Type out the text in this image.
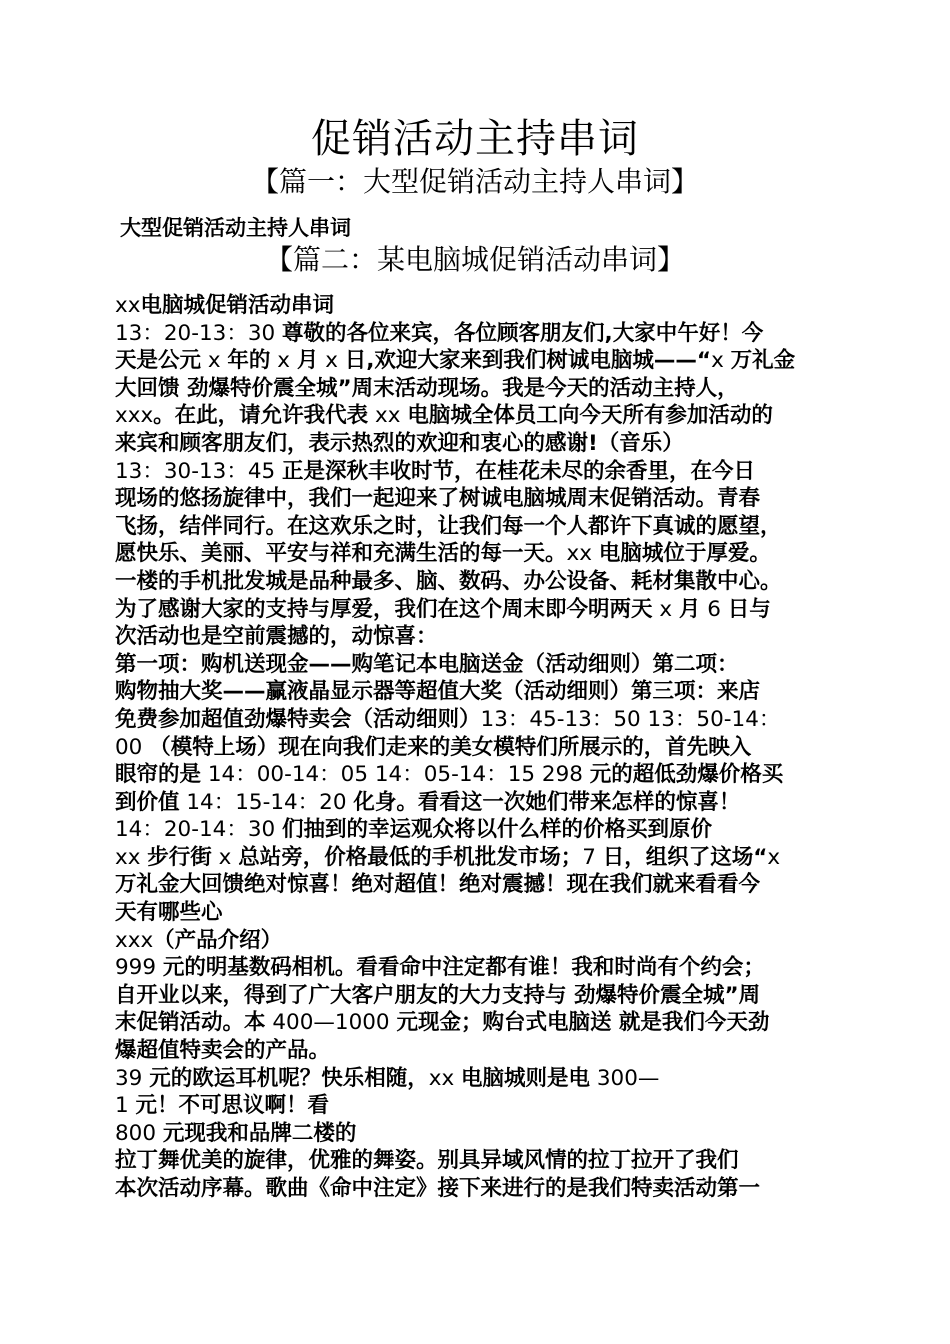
促销活动主持串词
【篇一：大型促销活动主持人串词】
大型促销活动主持人串词
【篇二：某电脑城促销活动串词】
xx电脑城促销活动串词
13：20-13：30 尊敬的各位来宾，各位顾客朋友们,大家中午好！今
天是公元 x 年的 x 月 x 日,欢迎大家来到我们树诚电脑城——“x 万礼金
大回馈 劲爆特价震全城”周末活动现场。我是今天的活动主持人，
xxx。在此，请允许我代表 xx 电脑城全体员工向今天所有参加活动的
来宾和顾客朋友们，表示热烈的欢迎和衷心的感谢!（音乐）
13：30-13：45 正是深秋丰收时节，在桂花未尽的余香里，在今日
现场的悠扬旋律中，我们一起迎来了树诚电脑城周末促销活动。青春
飞扬，结伴同行。在这欢乐之时，让我们每一个人都许下真诚的愿望，
愿快乐、美丽、平安与祥和充满生活的每一天。xx 电脑城位于厚爱。
一楼的手机批发城是品种最多、脑、数码、办公设备、耗材集散中心。
为了感谢大家的支持与厚爱，我们在这个周末即今明两天 x 月 6 日与
次活动也是空前震撼的，动惊喜：
第一项：购机送现金——购笔记本电脑送金（活动细则）第二项：
购物抽大奖——赢液晶显示器等超值大奖（活动细则）第三项：来店
免费参加超值劲爆特卖会（活动细则）13：45-13：50 13：50-14：
00 （模特上场）现在向我们走来的美女模特们所展示的，首先映入
眼帘的是 14：00-14：05 14：05-14：15 298 元的超低劲爆价格买
到价值 14：15-14：20 化身。看看这一次她们带来怎样的惊喜！
14：20-14：30 们抽到的幸运观众将以什么样的价格买到原价
xx 步行街 x 总站旁，价格最低的手机批发市场；7 日，组织了这场“x
万礼金大回馈绝对惊喜！绝对超值！绝对震撼！现在我们就来看看今
天有哪些心
xxx（产品介绍）
999 元的明基数码相机。看看命中注定都有谁！我和时尚有个约会；
自开业以来，得到了广大客户朋友的大力支持与 劲爆特价震全城”周
末促销活动。本 400—1000 元现金；购台式电脑送 就是我们今天劲
爆超值特卖会的产品。
39 元的欧运耳机呢？快乐相随，xx 电脑城则是电 300—
1 元！不可思议啊！看
800 元现我和品牌二楼的
拉丁舞优美的旋律，优雅的舞姿。别具异域风情的拉丁拉开了我们
本次活动序幕。歌曲《命中注定》接下来进行的是我们特卖活动第一
